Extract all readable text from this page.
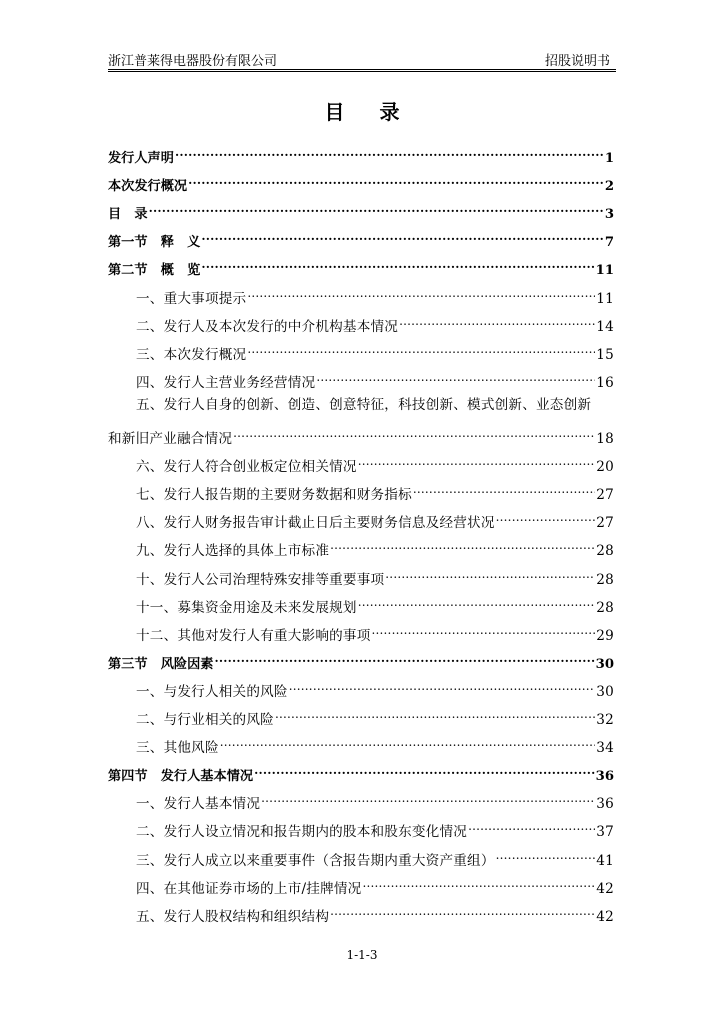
浙江普莱得电器股份有限公司	招股说明书
目 录
发行人声明 .....	1
本次发行概况 .....	2
目　录 .....	3
第一节　释　义 .....	7
第二节　概　览 .....	11
一、重大事项提示 .....	11
二、发行人及本次发行的中介机构基本情况 .....	14
三、本次发行概况 .....	15
四、发行人主营业务经营情况 .....	16
五、发行人自身的创新、创造、创意特征，科技创新、模式创新、业态创新
和新旧产业融合情况 .....	18
六、发行人符合创业板定位相关情况 .....	20
七、发行人报告期的主要财务数据和财务指标 .....	27
八、发行人财务报告审计截止日后主要财务信息及经营状况 .....	27
九、发行人选择的具体上市标准 .....	28
十、发行人公司治理特殊安排等重要事项 .....	28
十一、募集资金用途及未来发展规划 .....	28
十二、其他对发行人有重大影响的事项 .....	29
第三节　风险因素 .....	30
一、与发行人相关的风险 .....	30
二、与行业相关的风险 .....	32
三、其他风险 .....	34
第四节　发行人基本情况 .....	36
一、发行人基本情况 .....	36
二、发行人设立情况和报告期内的股本和股东变化情况 .....	37
三、发行人成立以来重要事件（含报告期内重大资产重组） .....	41
四、在其他证券市场的上市/挂牌情况 .....	42
五、发行人股权结构和组织结构 .....	42
1-1-3
